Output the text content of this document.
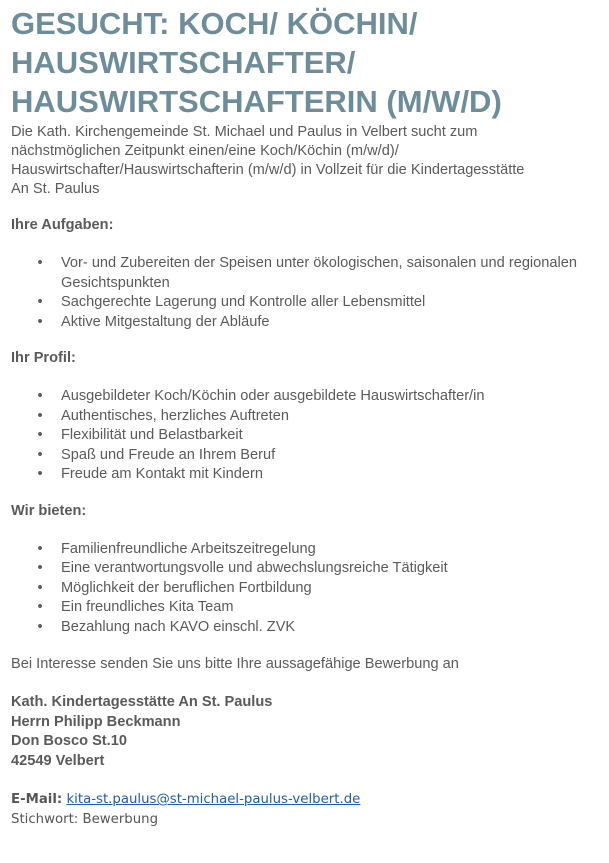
GESUCHT: KOCH/ KÖCHIN/
HAUSWIRTSCHAFTER/
HAUSWIRTSCHAFTERIN (M/W/D)

Die Kath. Kirchengemeinde St. Michael und Paulus in Velbert sucht zum
nächstmöglichen Zeitpunkt einen/eine Koch/Köchin (m/w/d)/
Hauswirtschafter/Hauswirtschafterin (m/w/d) in Vollzeit für die Kindertagesstätte
An St. Paulus

Ihre Aufgaben:
• Vor- und Zubereiten der Speisen unter ökologischen, saisonalen und regionalen Gesichtspunkten
• Sachgerechte Lagerung und Kontrolle aller Lebensmittel
• Aktive Mitgestaltung der Abläufe
Ihr Profil:
• Ausgebildeter Koch/Köchin oder ausgebildete Hauswirtschafter/in
• Authentisches, herzliches Auftreten
• Flexibilität und Belastbarkeit
• Spaß und Freude an Ihrem Beruf
• Freude am Kontakt mit Kindern
Wir bieten:
• Familienfreundliche Arbeitszeitregelung
• Eine verantwortungsvolle und abwechslungsreiche Tätigkeit
• Möglichkeit der beruflichen Fortbildung
• Ein freundliches Kita Team
• Bezahlung nach KAVO einschl. ZVK

Bei Interesse senden Sie uns bitte Ihre aussagefähige Bewerbung an

Kath. Kindertagesstätte An St. Paulus
Herrn Philipp Beckmann
Don Bosco St.10
42549 Velbert
E-Mail: kita-st.paulus@st-michael-paulus-velbert.de
Stichwort: Bewerbung
